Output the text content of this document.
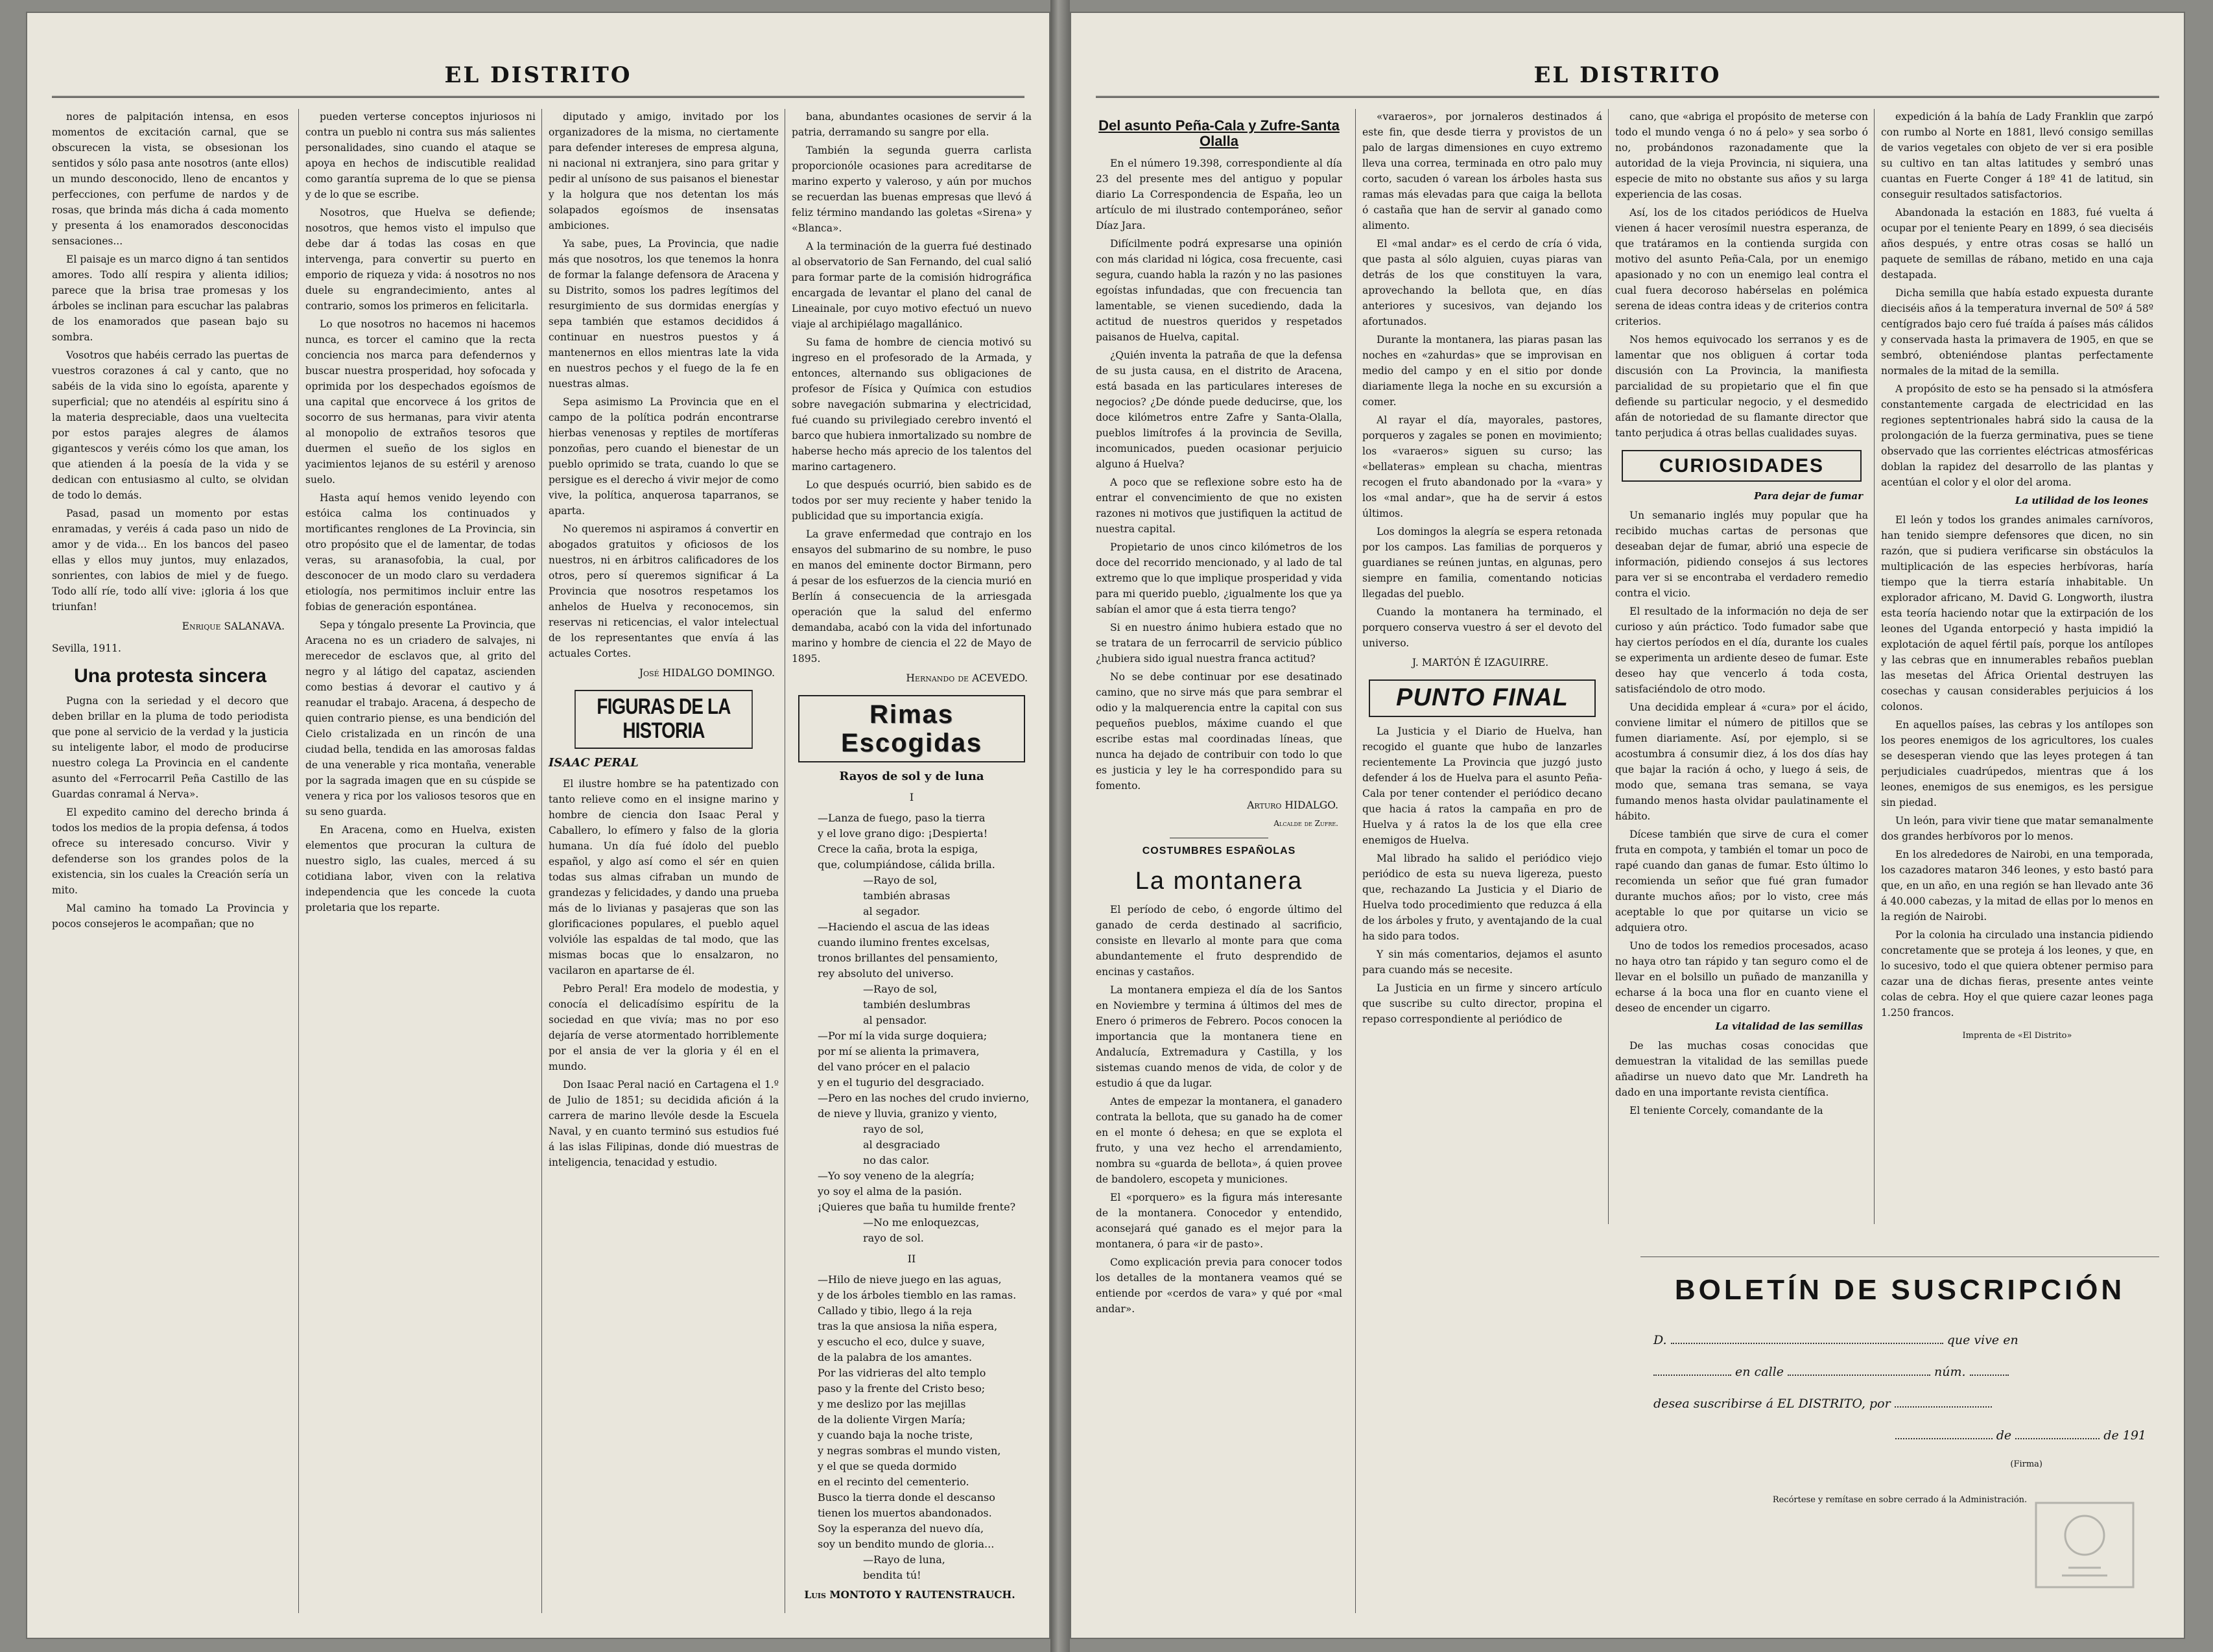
EL DISTRITO

nores de palpitación intensa, en esos momentos de excitación carnal, que se obscurecen la vista, se obsesionan los sentidos y sólo pasa ante nosotros (ante ellos) un mundo desconocido, lleno de encantos y perfecciones, con perfume de nardos y de rosas, que brinda más dicha á cada momento y presenta á los enamorados desconocidas sensaciones...

El paisaje es un marco digno á tan sentidos amores. Todo allí respira y alienta idilios; parece que la brisa trae promesas y los árboles se inclinan para escuchar las palabras de los enamorados que pasean bajo su sombra.

Vosotros que habéis cerrado las puertas de vuestros corazones á cal y canto, que no sabéis de la vida sino lo egoísta, aparente y superficial; que no atendéis al espíritu sino á la materia despreciable, daos una vueltecita por estos parajes alegres de álamos gigantescos y veréis cómo los que aman, los que atienden á la poesía de la vida y se dedican con entusiasmo al culto, se olvidan de todo lo demás.

Pasad, pasad un momento por estas enramadas, y veréis á cada paso un nido de amor y de vida... En los bancos del paseo ellas y ellos muy juntos, muy enlazados, sonrientes, con labios de miel y de fuego. Todo allí ríe, todo allí vive: ¡gloria á los que triunfan!

Enrique SALANAVA.

Sevilla, 1911.

Una protesta sincera

Pugna con la seriedad y el decoro que deben brillar en la pluma de todo periodista que pone al servicio de la verdad y la justicia su inteligente labor, el modo de producirse nuestro colega La Provincia en el candente asunto del «Ferrocarril Peña Castillo de las Guardas conramal á Nerva».

El expedito camino del derecho brinda á todos los medios de la propia defensa, á todos ofrece su interesado concurso. Vivir y defenderse son los grandes polos de la existencia, sin los cuales la Creación sería un mito.

Mal camino ha tomado La Provincia y pocos consejeros le acompañan; que no

pueden verterse conceptos injuriosos ni contra un pueblo ni contra sus más salientes personalidades, sino cuando el ataque se apoya en hechos de indiscutible realidad como garantía suprema de lo que se piensa y de lo que se escribe.

Nosotros, que Huelva se defiende; nosotros, que hemos visto el impulso que debe dar á todas las cosas en que intervenga, para convertir su puerto en emporio de riqueza y vida: á nosotros no nos duele su engrandecimiento, antes al contrario, somos los primeros en felicitarla.

Lo que nosotros no hacemos ni hacemos nunca, es torcer el camino que la recta conciencia nos marca para defendernos y buscar nuestra prosperidad, hoy sofocada y oprimida por los despechados egoísmos de una capital que encorvece á los gritos de socorro de sus hermanas, para vivir atenta al monopolio de extraños tesoros que duermen el sueño de los siglos en yacimientos lejanos de su estéril y arenoso suelo.

Hasta aquí hemos venido leyendo con estóica calma los continuados y mortificantes renglones de La Provincia, sin otro propósito que el de lamentar, de todas veras, su aranasofobia, la cual, por desconocer de un modo claro su verdadera etiología, nos permitimos incluir entre las fobias de generación espontánea.

Sepa y tóngalo presente La Provincia, que Aracena no es un criadero de salvajes, ni merecedor de esclavos que, al grito del negro y al látigo del capataz, ascienden como bestias á devorar el cautivo y á reanudar el trabajo. Aracena, á despecho de quien contrario piense, es una bendición del Cielo cristalizada en un rincón de una ciudad bella, tendida en las amorosas faldas de una venerable y rica montaña, venerable por la sagrada imagen que en su cúspide se venera y rica por los valiosos tesoros que en su seno guarda.

En Aracena, como en Huelva, existen elementos que procuran la cultura de nuestro siglo, las cuales, merced á su cotidiana labor, viven con la relativa independencia que les concede la cuota proletaria que los reparte.

diputado y amigo, invitado por los organizadores de la misma, no ciertamente para defender intereses de empresa alguna, ni nacional ni extranjera, sino para gritar y pedir al unísono de sus paisanos el bienestar y la holgura que nos detentan los más solapados egoísmos de insensatas ambiciones.

Ya sabe, pues, La Provincia, que nadie más que nosotros, los que tenemos la honra de formar la falange defensora de Aracena y su Distrito, somos los padres legítimos del resurgimiento de sus dormidas energías y sepa también que estamos decididos á continuar en nuestros puestos y á mantenernos en ellos mientras late la vida en nuestros pechos y el fuego de la fe en nuestras almas.

Sepa asimismo La Provincia que en el campo de la política podrán encontrarse hierbas venenosas y reptiles de mortíferas ponzoñas, pero cuando el bienestar de un pueblo oprimido se trata, cuando lo que se persigue es el derecho á vivir mejor de como vive, la política, anquerosa taparranos, se aparta.

No queremos ni aspiramos á convertir en abogados gratuitos y oficiosos de los nuestros, ni en árbitros calificadores de los otros, pero sí queremos significar á La Provincia que nosotros respetamos los anhelos de Huelva y reconocemos, sin reservas ni reticencias, el valor intelectual de los representantes que envía á las actuales Cortes.

José HIDALGO DOMINGO.

FIGURAS DE LA HISTORIA
ISAAC PERAL

El ilustre hombre se ha patentizado con tanto relieve como en el insigne marino y hombre de ciencia don Isaac Peral y Caballero, lo efímero y falso de la gloria humana. Un día fué ídolo del pueblo español, y algo así como el sér en quien todas sus almas cifraban un mundo de grandezas y felicidades, y dando una prueba más de lo livianas y pasajeras que son las glorificaciones populares, el pueblo aquel volvióle las espaldas de tal modo, que las mismas bocas que lo ensalzaron, no vacilaron en apartarse de él.

Pebro Peral! Era modelo de modestia, y conocía el delicadísimo espíritu de la sociedad en que vivía; mas no por eso dejaría de verse atormentado horriblemente por el ansia de ver la gloria y él en el mundo.

Don Isaac Peral nació en Cartagena el 1.º de Julio de 1851; su decidida afición á la carrera de marino llevóle desde la Escuela Naval, y en cuanto terminó sus estudios fué á las islas Filipinas, donde dió muestras de inteligencia, tenacidad y estudio.

bana, abundantes ocasiones de servir á la patria, derramando su sangre por ella.

También la segunda guerra carlista proporcionóle ocasiones para acreditarse de marino experto y valeroso, y aún por muchos se recuerdan las buenas empresas que llevó á feliz término mandando las goletas «Sirena» y «Blanca».

A la terminación de la guerra fué destinado al observatorio de San Fernando, del cual salió para formar parte de la comisión hidrográfica encargada de levantar el plano del canal de Lineainale, por cuyo motivo efectuó un nuevo viaje al archipiélago magallánico.

Su fama de hombre de ciencia motivó su ingreso en el profesorado de la Armada, y entonces, alternando sus obligaciones de profesor de Física y Química con estudios sobre navegación submarina y electricidad, fué cuando su privilegiado cerebro inventó el barco que hubiera inmortalizado su nombre de haberse hecho más aprecio de los talentos del marino cartagenero.

Lo que después ocurrió, bien sabido es de todos por ser muy reciente y haber tenido la publicidad que su importancia exigía.

La grave enfermedad que contrajo en los ensayos del submarino de su nombre, le puso en manos del eminente doctor Birmann, pero á pesar de los esfuerzos de la ciencia murió en Berlín á consecuencia de la arriesgada operación que la salud del enfermo demandaba, acabó con la vida del infortunado marino y hombre de ciencia el 22 de Mayo de 1895.

Hernando de ACEVEDO.

Rimas Escogidas
Rayos de sol y de luna
I

—Lanza de fuego, paso la tierra

y el love grano digo: ¡Despierta!

Crece la caña, brota la espiga,

que, columpiándose, cálida brilla.

—Rayo de sol,

también abrasas

al segador.

—Haciendo el ascua de las ideas

cuando ilumino frentes excelsas,

tronos brillantes del pensamiento,

rey absoluto del universo.

—Rayo de sol,

también deslumbras

al pensador.

—Por mí la vida surge doquiera;

por mí se alienta la primavera,

del vano prócer en el palacio

y en el tugurio del desgraciado.

—Pero en las noches del crudo invierno,

de nieve y lluvia, granizo y viento,

rayo de sol,

al desgraciado

no das calor.

—Yo soy veneno de la alegría;

yo soy el alma de la pasión.

¡Quieres que baña tu humilde frente?

—No me enloquezcas,

rayo de sol.

II

—Hilo de nieve juego en las aguas,

y de los árboles tiemblo en las ramas.

Callado y tibio, llego á la reja

tras la que ansiosa la niña espera,

y escucho el eco, dulce y suave,

de la palabra de los amantes.

Por las vidrieras del alto templo

paso y la frente del Cristo beso;

y me deslizo por las mejillas

de la doliente Virgen María;

y cuando baja la noche triste,

y negras sombras el mundo visten,

y el que se queda dormido

en el recinto del cementerio.

Busco la tierra donde el descanso

tienen los muertos abandonados.

Soy la esperanza del nuevo día,

soy un bendito mundo de gloria...

—Rayo de luna,

bendita tú!

Luis MONTOTO Y RAUTENSTRAUCH.

EL DISTRITO
Del asunto Peña-Cala y Zufre-Santa Olalla

En el número 19.398, correspondiente al día 23 del presente mes del antiguo y popular diario La Correspondencia de España, leo un artículo de mi ilustrado contemporáneo, señor Díaz Jara.

Difícilmente podrá expresarse una opinión con más claridad ni lógica, cosa frecuente, casi segura, cuando habla la razón y no las pasiones egoístas infundadas, que con frecuencia tan lamentable, se vienen sucediendo, dada la actitud de nuestros queridos y respetados paisanos de Huelva, capital.

¿Quién inventa la patraña de que la defensa de su justa causa, en el distrito de Aracena, está basada en las particulares intereses de negocios? ¿De dónde puede deducirse, que, los doce kilómetros entre Zafre y Santa-Olalla, pueblos limítrofes á la provincia de Sevilla, incomunicados, pueden ocasionar perjuicio alguno á Huelva?

A poco que se reflexione sobre esto ha de entrar el convencimiento de que no existen razones ni motivos que justifiquen la actitud de nuestra capital.

Propietario de unos cinco kilómetros de los doce del recorrido mencionado, y al lado de tal extremo que lo que implique prosperidad y vida para mi querido pueblo, ¿igualmente los que ya sabían el amor que á esta tierra tengo?

Si en nuestro ánimo hubiera estado que no se tratara de un ferrocarril de servicio público ¿hubiera sido igual nuestra franca actitud?

No se debe continuar por ese desatinado camino, que no sirve más que para sembrar el odio y la malquerencia entre la capital con sus pequeños pueblos, máxime cuando el que escribe estas mal coordinadas líneas, que nunca ha dejado de contribuir con todo lo que es justicia y ley le ha correspondido para su fomento.

Arturo HIDALGO.

Alcalde de Zufre.

COSTUMBRES ESPAÑOLAS
La montanera

El período de cebo, ó engorde último del ganado de cerda destinado al sacrificio, consiste en llevarlo al monte para que coma abundantemente el fruto desprendido de encinas y castaños.

La montanera empieza el día de los Santos en Noviembre y termina á últimos del mes de Enero ó primeros de Febrero. Pocos conocen la importancia que la montanera tiene en Andalucía, Extremadura y Castilla, y los sistemas cuando menos de vida, de color y de estudio á que da lugar.

Antes de empezar la montanera, el ganadero contrata la bellota, que su ganado ha de comer en el monte ó dehesa; en que se explota el fruto, y una vez hecho el arrendamiento, nombra su «guarda de bellota», á quien provee de bandolero, escopeta y municiones.

El «porquero» es la figura más interesante de la montanera. Conocedor y entendido, aconsejará qué ganado es el mejor para la montanera, ó para «ir de pasto».

Como explicación previa para conocer todos los detalles de la montanera veamos qué se entiende por «cerdos de vara» y qué por «mal andar».

«varaeros», por jornaleros destinados á este fin, que desde tierra y provistos de un palo de largas dimensiones en cuyo extremo lleva una correa, terminada en otro palo muy corto, sacuden ó varean los árboles hasta sus ramas más elevadas para que caiga la bellota ó castaña que han de servir al ganado como alimento.

El «mal andar» es el cerdo de cría ó vida, que pasta al sólo alguien, cuyas piaras van detrás de los que constituyen la vara, aprovechando la bellota que, en días anteriores y sucesivos, van dejando los afortunados.

Durante la montanera, las piaras pasan las noches en «zahurdas» que se improvisan en medio del campo y en el sitio por donde diariamente llega la noche en su excursión a comer.

Al rayar el día, mayorales, pastores, porqueros y zagales se ponen en movimiento; los «varaeros» siguen su curso; las «bellateras» emplean su chacha, mientras recogen el fruto abandonado por la «vara» y los «mal andar», que ha de servir á estos últimos.

Los domingos la alegría se espera retonada por los campos. Las familias de porqueros y guardianes se reúnen juntas, en algunas, pero siempre en familia, comentando noticias llegadas del pueblo.

Cuando la montanera ha terminado, el porquero conserva vuestro á ser el devoto del universo.

J. MARTÓN É IZAGUIRRE.

PUNTO FINAL

La Justicia y el Diario de Huelva, han recogido el guante que hubo de lanzarles recientemente La Provincia que juzgó justo defender á los de Huelva para el asunto Peña-Cala por tener contender el periódico decano que hacia á ratos la campaña en pro de Huelva y á ratos la de los que ella cree enemigos de Huelva.

Mal librado ha salido el periódico viejo periódico de esta su nueva ligereza, puesto que, rechazando La Justicia y el Diario de Huelva todo procedimiento que reduzca á ella de los árboles y fruto, y aventajando de la cual ha sido para todos.

Y sin más comentarios, dejamos el asunto para cuando más se necesite.

La Justicia en un firme y sincero artículo que suscribe su culto director, propina el repaso correspondiente al periódico de

cano, que «abriga el propósito de meterse con todo el mundo venga ó no á pelo» y sea sorbo ó no, probándonos razonadamente que la autoridad de la vieja Provincia, ni siquiera, una especie de mito no obstante sus años y su larga experiencia de las cosas.

Así, los de los citados periódicos de Huelva vienen á hacer verosímil nuestra esperanza, de que tratáramos en la contienda surgida con motivo del asunto Peña-Cala, por un enemigo apasionado y no con un enemigo leal contra el cual fuera decoroso habérselas en polémica serena de ideas contra ideas y de criterios contra criterios.

Nos hemos equivocado los serranos y es de lamentar que nos obliguen á cortar toda discusión con La Provincia, la manifiesta parcialidad de su propietario que el fin que defiende su particular negocio, y el desmedido afán de notoriedad de su flamante director que tanto perjudica á otras bellas cualidades suyas.

CURIOSIDADES
Para dejar de fumar

Un semanario inglés muy popular que ha recibido muchas cartas de personas que deseaban dejar de fumar, abrió una especie de información, pidiendo consejos á sus lectores para ver si se encontraba el verdadero remedio contra el vicio.

El resultado de la información no deja de ser curioso y aún práctico. Todo fumador sabe que hay ciertos períodos en el día, durante los cuales se experimenta un ardiente deseo de fumar. Este deseo hay que vencerlo á toda costa, satisfaciéndolo de otro modo.

Una decidida emplear á «cura» por el ácido, conviene limitar el número de pitillos que se fumen diariamente. Así, por ejemplo, si se acostumbra á consumir diez, á los dos días hay que bajar la ración á ocho, y luego á seis, de modo que, semana tras semana, se vaya fumando menos hasta olvidar paulatinamente el hábito.

Dícese también que sirve de cura el comer fruta en compota, y también el tomar un poco de rapé cuando dan ganas de fumar. Esto último lo recomienda un señor que fué gran fumador durante muchos años; por lo visto, cree más aceptable lo que por quitarse un vicio se adquiera otro.

Uno de todos los remedios procesados, acaso no haya otro tan rápido y tan seguro como el de llevar en el bolsillo un puñado de manzanilla y echarse á la boca una flor en cuanto viene el deseo de encender un cigarro.

La vitalidad de las semillas

De las muchas cosas conocidas que demuestran la vitalidad de las semillas puede añadirse un nuevo dato que Mr. Landreth ha dado en una importante revista científica.

El teniente Corcely, comandante de la

expedición á la bahía de Lady Franklin que zarpó con rumbo al Norte en 1881, llevó consigo semillas de varios vegetales con objeto de ver si era posible su cultivo en tan altas latitudes y sembró unas cuantas en Fuerte Conger á 18º 41 de latitud, sin conseguir resultados satisfactorios.

Abandonada la estación en 1883, fué vuelta á ocupar por el teniente Peary en 1899, ó sea dieciséis años después, y entre otras cosas se halló un paquete de semillas de rábano, metido en una caja destapada.

Dicha semilla que había estado expuesta durante dieciséis años á la temperatura invernal de 50º á 58º centígrados bajo cero fué traída á países más cálidos y conservada hasta la primavera de 1905, en que se sembró, obteniéndose plantas perfectamente normales de la mitad de la semilla.

A propósito de esto se ha pensado si la atmósfera constantemente cargada de electricidad en las regiones septentrionales habrá sido la causa de la prolongación de la fuerza germinativa, pues se tiene observado que las corrientes eléctricas atmosféricas doblan la rapidez del desarrollo de las plantas y acentúan el color y el olor del aroma.

La utilidad de los leones

El león y todos los grandes animales carnívoros, han tenido siempre defensores que dicen, no sin razón, que si pudiera verificarse sin obstáculos la multiplicación de las especies herbívoras, haría tiempo que la tierra estaría inhabitable. Un explorador africano, M. David G. Longworth, ilustra esta teoría haciendo notar que la extirpación de los leones del Uganda entorpeció y hasta impidió la explotación de aquel fértil país, porque los antílopes y las cebras que en innumerables rebaños pueblan las mesetas del África Oriental destruyen las cosechas y causan considerables perjuicios á los colonos.

En aquellos países, las cebras y los antílopes son los peores enemigos de los agricultores, los cuales se desesperan viendo que las leyes protegen á tan perjudiciales cuadrúpedos, mientras que á los leones, enemigos de sus enemigos, es les persigue sin piedad.

Un león, para vivir tiene que matar semanalmente dos grandes herbívoros por lo menos.

En los alrededores de Nairobi, en una temporada, los cazadores mataron 346 leones, y esto bastó para que, en un año, en una región se han llevado ante 36 á 40.000 cabezas, y la mitad de ellas por lo menos en la región de Nairobi.

Por la colonia ha circulado una instancia pidiendo concretamente que se proteja á los leones, y que, en lo sucesivo, todo el que quiera obtener permiso para cazar una de dichas fieras, presente antes veinte colas de cebra. Hoy el que quiere cazar leones paga 1.250 francos.

Imprenta de «El Distrito»
BOLETÍN DE SUSCRIPCIÓN
D.	que vive en
en calle	núm.
desea suscribirse á EL DISTRITO, por
de	de 191
(Firma)
Recórtese y remítase en sobre cerrado á la Administración.
